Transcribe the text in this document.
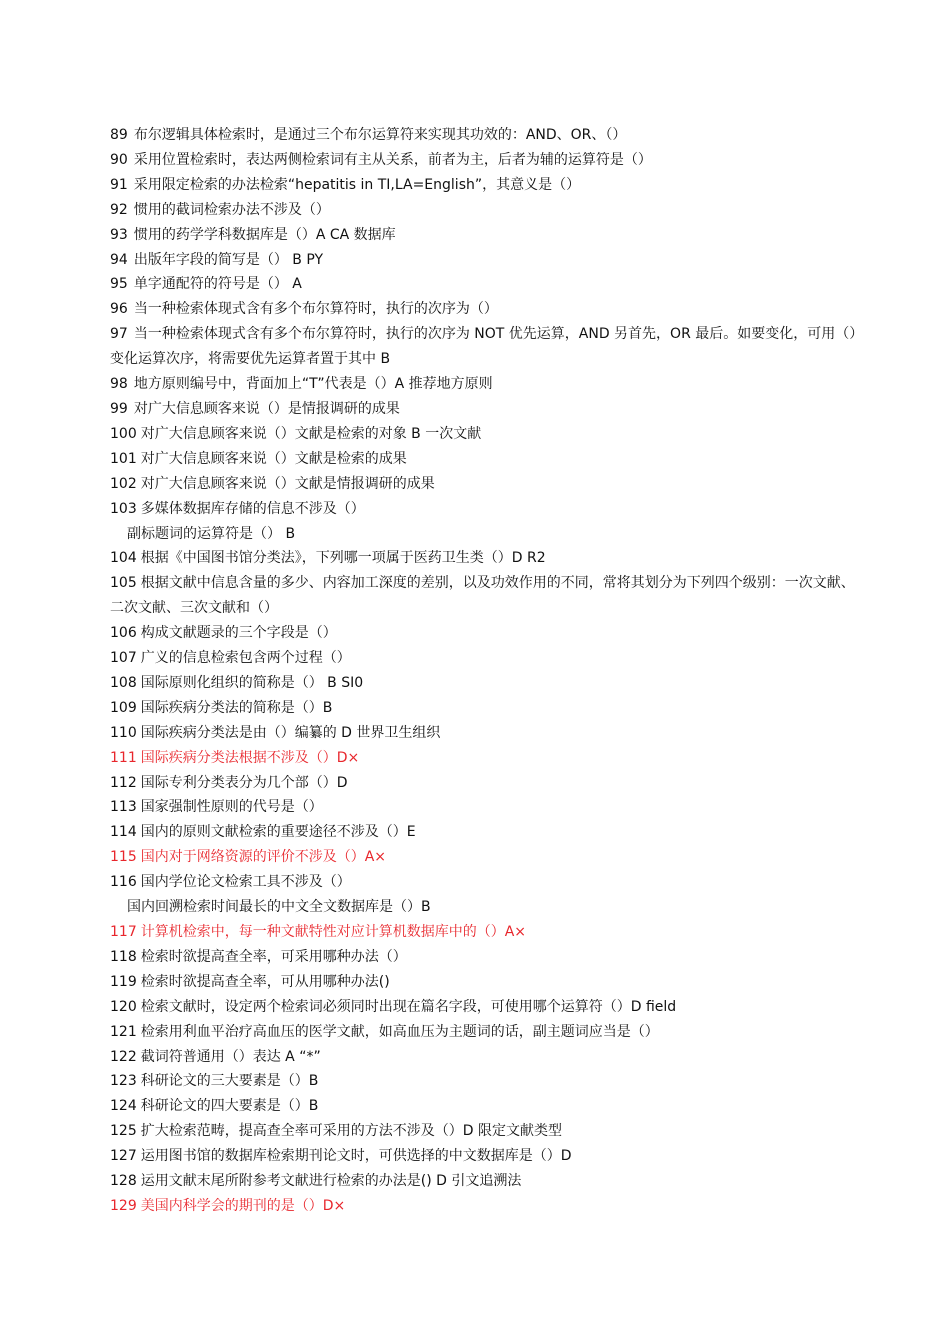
89 布尔逻辑具体检索时，是通过三个布尔运算符来实现其功效的：AND、OR、（）
90 采用位置检索时，表达两侧检索词有主从关系，前者为主，后者为辅的运算符是（）
91 采用限定检索的办法检索“hepatitis in TI,LA=English”，其意义是（）
92 惯用的截词检索办法不涉及（）
93 惯用的药学学科数据库是（）A CA 数据库
94 出版年字段的简写是（） B PY
95 单字通配符的符号是（） A
96 当一种检索体现式含有多个布尔算符时，执行的次序为（）
97 当一种检索体现式含有多个布尔算符时，执行的次序为 NOT 优先运算，AND 另首先，OR 最后。如要变化，可用（）变化运算次序，将需要优先运算者置于其中 B
98 地方原则编号中，背面加上“T”代表是（）A 推荐地方原则
99 对广大信息顾客来说（）是情报调研的成果
100 对广大信息顾客来说（）文献是检索的对象 B 一次文献
101 对广大信息顾客来说（）文献是检索的成果
102 对广大信息顾客来说（）文献是情报调研的成果
103 多媒体数据库存储的信息不涉及（）
副标题词的运算符是（） B
104 根据《中国图书馆分类法》，下列哪一项属于医药卫生类（）D R2
105 根据文献中信息含量的多少、内容加工深度的差别，以及功效作用的不同，常将其划分为下列四个级别：一次文献、二次文献、三次文献和（）
106 构成文献题录的三个字段是（）
107 广义的信息检索包含两个过程（）
108 国际原则化组织的简称是（） B SI0
109 国际疾病分类法的简称是（）B
110 国际疾病分类法是由（）编纂的 D 世界卫生组织
111 国际疾病分类法根据不涉及（）D×
112 国际专利分类表分为几个部（）D
113 国家强制性原则的代号是（）
114 国内的原则文献检索的重要途径不涉及（）E
115 国内对于网络资源的评价不涉及（）A×
116 国内学位论文检索工具不涉及（）
国内回溯检索时间最长的中文全文数据库是（）B
117 计算机检索中，每一种文献特性对应计算机数据库中的（）A×
118 检索时欲提高查全率，可采用哪种办法（）
119 检索时欲提高查全率，可从用哪种办法()
120 检索文献时，设定两个检索词必须同时出现在篇名字段，可使用哪个运算符（）D field
121 检索用利血平治疗高血压的医学文献，如高血压为主题词的话，副主题词应当是（）
122 截词符普通用（）表达 A “*”
123 科研论文的三大要素是（）B
124 科研论文的四大要素是（）B
125 扩大检索范畴，提高查全率可采用的方法不涉及（）D 限定文献类型
127 运用图书馆的数据库检索期刊论文时，可供选择的中文数据库是（）D
128 运用文献末尾所附参考文献进行检索的办法是() D 引文追溯法
129 美国内科学会的期刊的是（）D×
